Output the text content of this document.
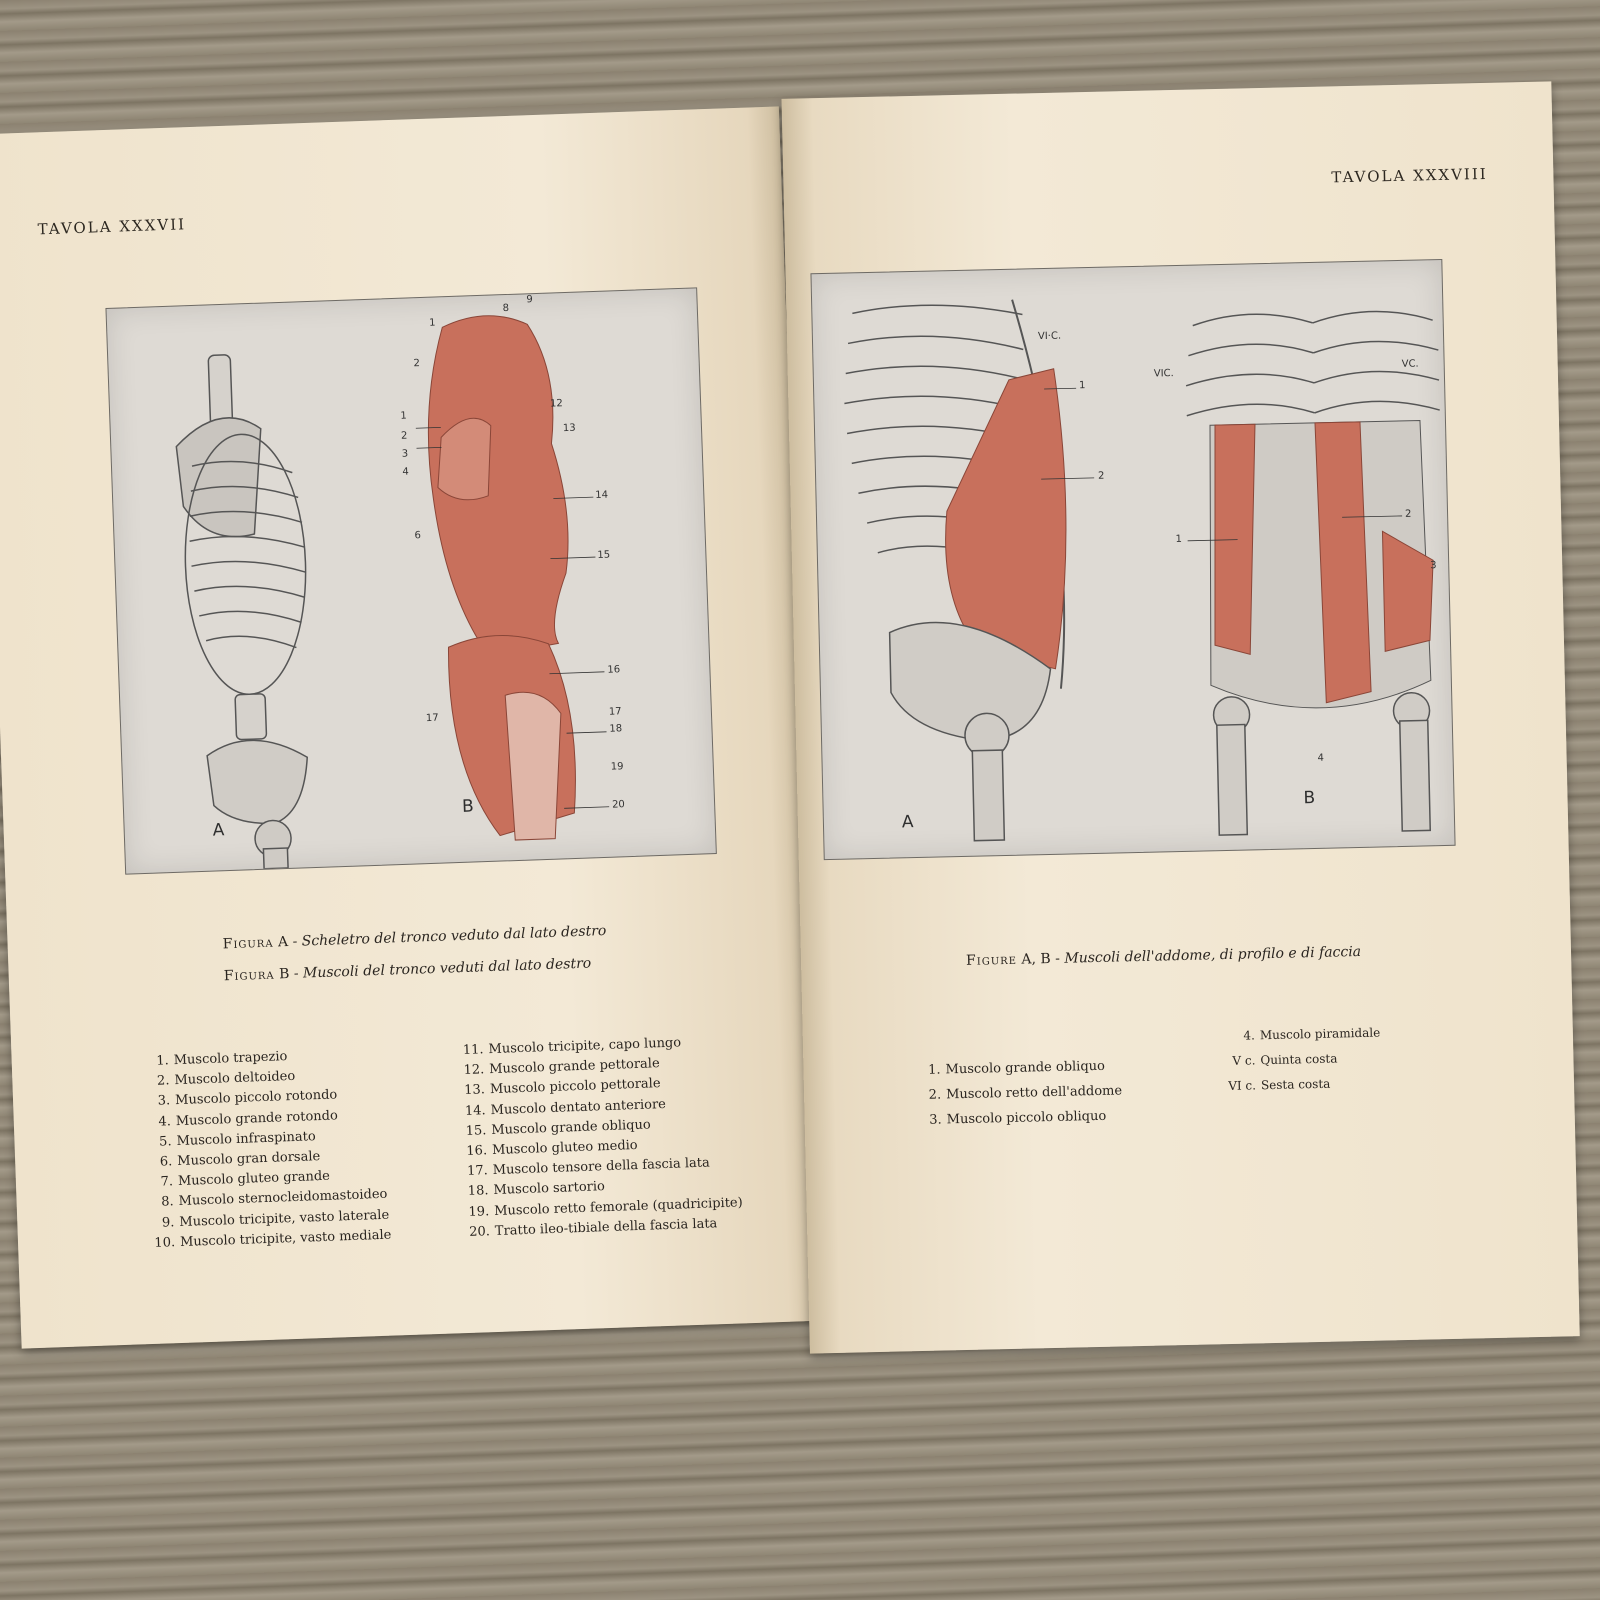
TAVOLA XXXVII
A
B
1
8
9
2
12
13
1
2
3
4
14
6
15
16
17
17
18
19
20
Figura A - Scheletro del tronco veduto dal lato destro
Figura B - Muscoli del tronco veduti dal lato destro
1. Muscolo trapezio
2. Muscolo deltoideo
3. Muscolo piccolo rotondo
4. Muscolo grande rotondo
5. Muscolo infraspinato
6. Muscolo gran dorsale
7. Muscolo gluteo grande
8. Muscolo sternocleidomastoideo
9. Muscolo tricipite, vasto laterale
10. Muscolo tricipite, vasto mediale
11. Muscolo tricipite, capo lungo
12. Muscolo grande pettorale
13. Muscolo piccolo pettorale
14. Muscolo dentato anteriore
15. Muscolo grande obliquo
16. Muscolo gluteo medio
17. Muscolo tensore della fascia lata
18. Muscolo sartorio
19. Muscolo retto femorale (quadricipite)
20. Tratto ileo-tibiale della fascia lata
TAVOLA XXXVIII
A
B
VI·C.
1
2
VIC.
VC.
1
2
3
4
Figure A, B - Muscoli dell'addome, di profilo e di faccia
1. Muscolo grande obliquo
2. Muscolo retto dell'addome
3. Muscolo piccolo obliquo
4. Muscolo piramidale
V c. Quinta costa
VI c. Sesta costa
